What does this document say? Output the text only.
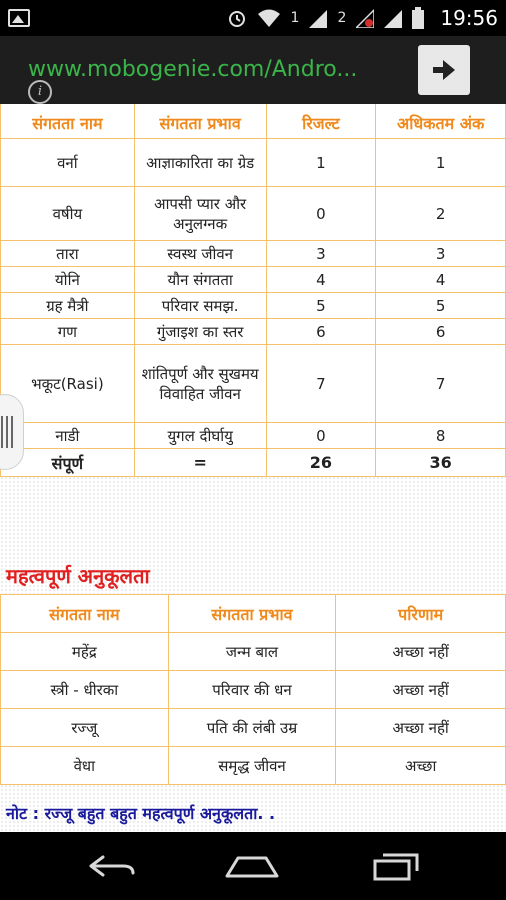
1	2	19:56
www.mobogenie.com/Andro...
संगतता नाम	संगतता प्रभाव	रिजल्ट	अधिकतम अंक
वर्ना	आज्ञाकारिता का ग्रेड	1	1
वषीय	आपसी प्यार और अनुलग्नक	0	2
तारा	स्वस्थ जीवन	3	3
योनि	यौन संगतता	4	4
ग्रह मैत्री	परिवार समझ.	5	5
गण	गुंजाइश का स्तर	6	6
भकूट(Rasi)	शांतिपूर्ण और सुखमय विवाहित जीवन	7	7
नाडी	युगल दीर्घायु	0	8
संपूर्ण	=	26	36
महत्वपूर्ण अनुकूलता
संगतता नाम	संगतता प्रभाव	परिणाम
महेंद्र	जन्म बाल	अच्छा नहीं
स्त्री - धीरका	परिवार की धन	अच्छा नहीं
रज्जू	पति की लंबी उम्र	अच्छा नहीं
वेधा	समृद्ध जीवन	अच्छा
नोट : रज्जू बहुत बहुत महत्वपूर्ण अनुकूलता. .
i
